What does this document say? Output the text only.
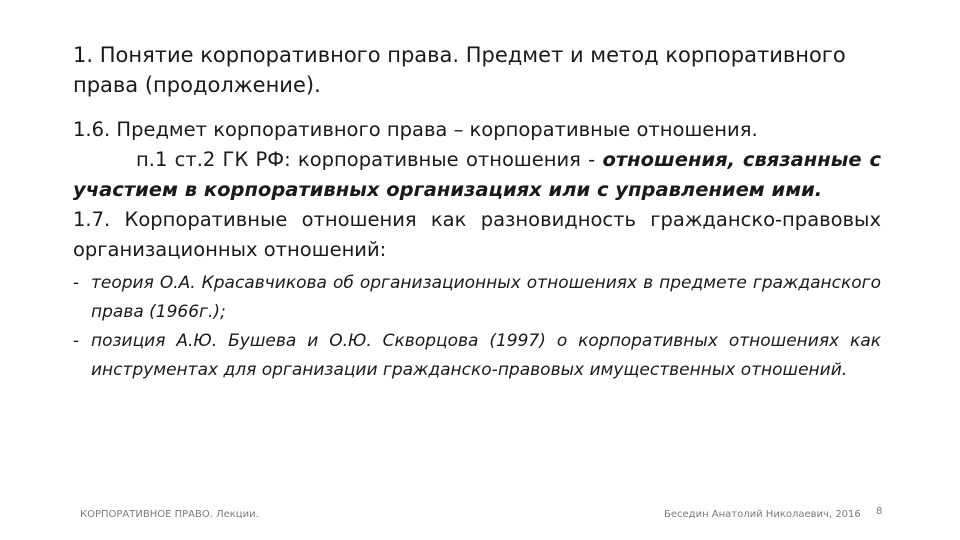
1. Понятие корпоративного права. Предмет и метод корпоративного права (продолжение).

1.6. Предмет корпоративного права – корпоративные отношения.

п.1 ст.2 ГК РФ: корпоративные отношения - отношения, связанные с участием в корпоративных организациях или с управлением ими.

1.7. Корпоративные отношения как разновидность гражданско-правовых организационных отношений:

- теория О.А. Красавчикова об организационных отношениях в предмете гражданского права (1966г.);
- позиция А.Ю. Бушева и О.Ю. Скворцова (1997) о корпоративных отношениях как инструментах для организации гражданско-правовых имущественных отношений.
КОРПОРАТИВНОЕ ПРАВО. Лекции.	Беседин Анатолий Николаевич, 2016 8
